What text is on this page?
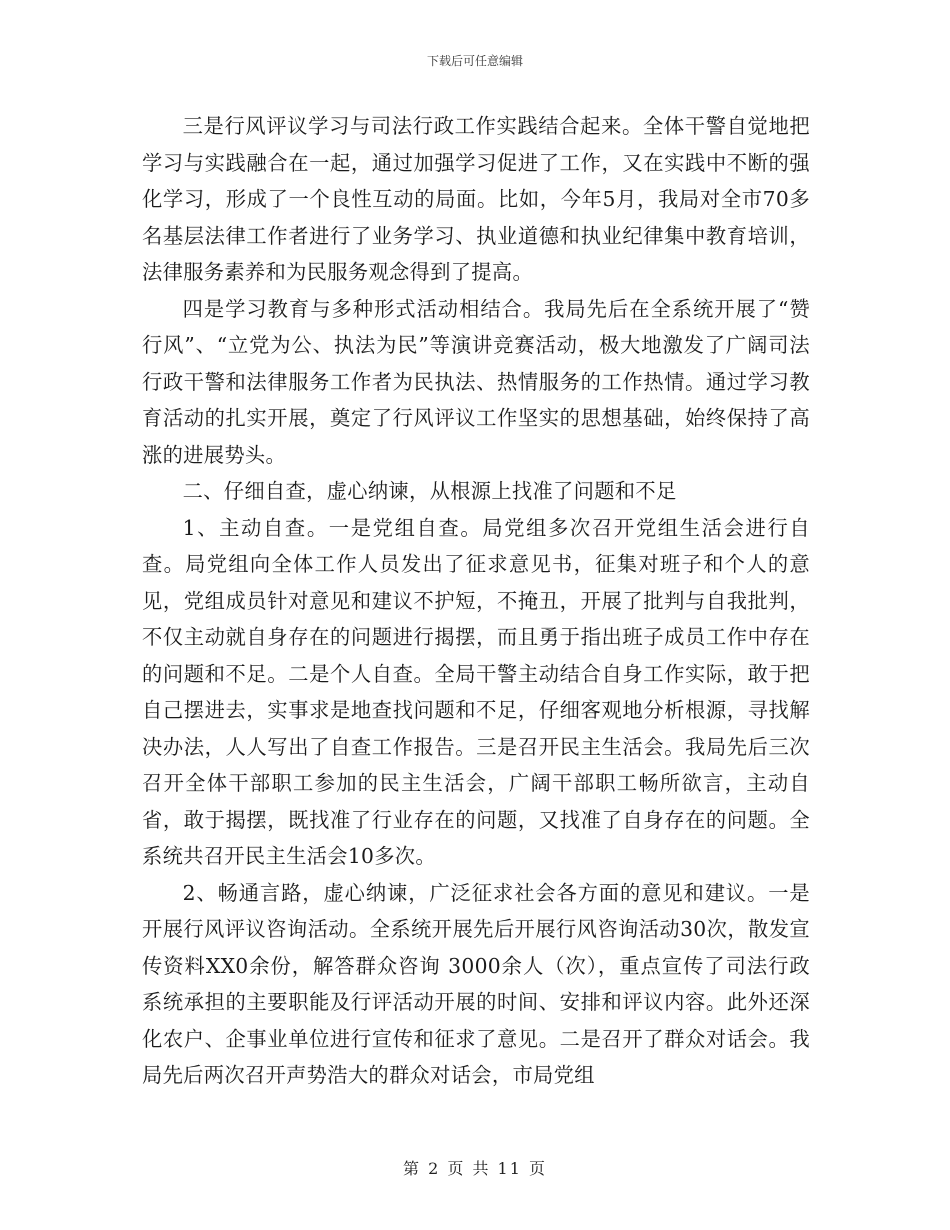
下载后可任意编辑

三是行风评议学习与司法行政工作实践结合起来。全体干警自觉地把学习与实践融合在一起，通过加强学习促进了工作，又在实践中不断的强化学习，形成了一个良性互动的局面。比如，今年5月，我局对全市70多名基层法律工作者进行了业务学习、执业道德和执业纪律集中教育培训，法律服务素养和为民服务观念得到了提高。

四是学习教育与多种形式活动相结合。我局先后在全系统开展了“赞行风”、“立党为公、执法为民”等演讲竞赛活动，极大地激发了广阔司法行政干警和法律服务工作者为民执法、热情服务的工作热情。通过学习教育活动的扎实开展，奠定了行风评议工作坚实的思想基础，始终保持了高涨的进展势头。

二、仔细自查，虚心纳谏，从根源上找准了问题和不足

1、主动自查。一是党组自查。局党组多次召开党组生活会进行自查。局党组向全体工作人员发出了征求意见书，征集对班子和个人的意见，党组成员针对意见和建议不护短，不掩丑，开展了批判与自我批判，不仅主动就自身存在的问题进行揭摆，而且勇于指出班子成员工作中存在的问题和不足。二是个人自查。全局干警主动结合自身工作实际，敢于把自己摆进去，实事求是地查找问题和不足，仔细客观地分析根源，寻找解决办法，人人写出了自查工作报告。三是召开民主生活会。我局先后三次召开全体干部职工参加的民主生活会，广阔干部职工畅所欲言，主动自省，敢于揭摆，既找准了行业存在的问题，又找准了自身存在的问题。全系统共召开民主生活会10多次。

2、畅通言路，虚心纳谏，广泛征求社会各方面的意见和建议。一是开展行风评议咨询活动。全系统开展先后开展行风咨询活动30次，散发宣传资料XX0余份，解答群众咨询 3000余人（次），重点宣传了司法行政系统承担的主要职能及行评活动开展的时间、安排和评议内容。此外还深化农户、企事业单位进行宣传和征求了意见。二是召开了群众对话会。我局先后两次召开声势浩大的群众对话会，市局党组

第 2 页 共 11 页
